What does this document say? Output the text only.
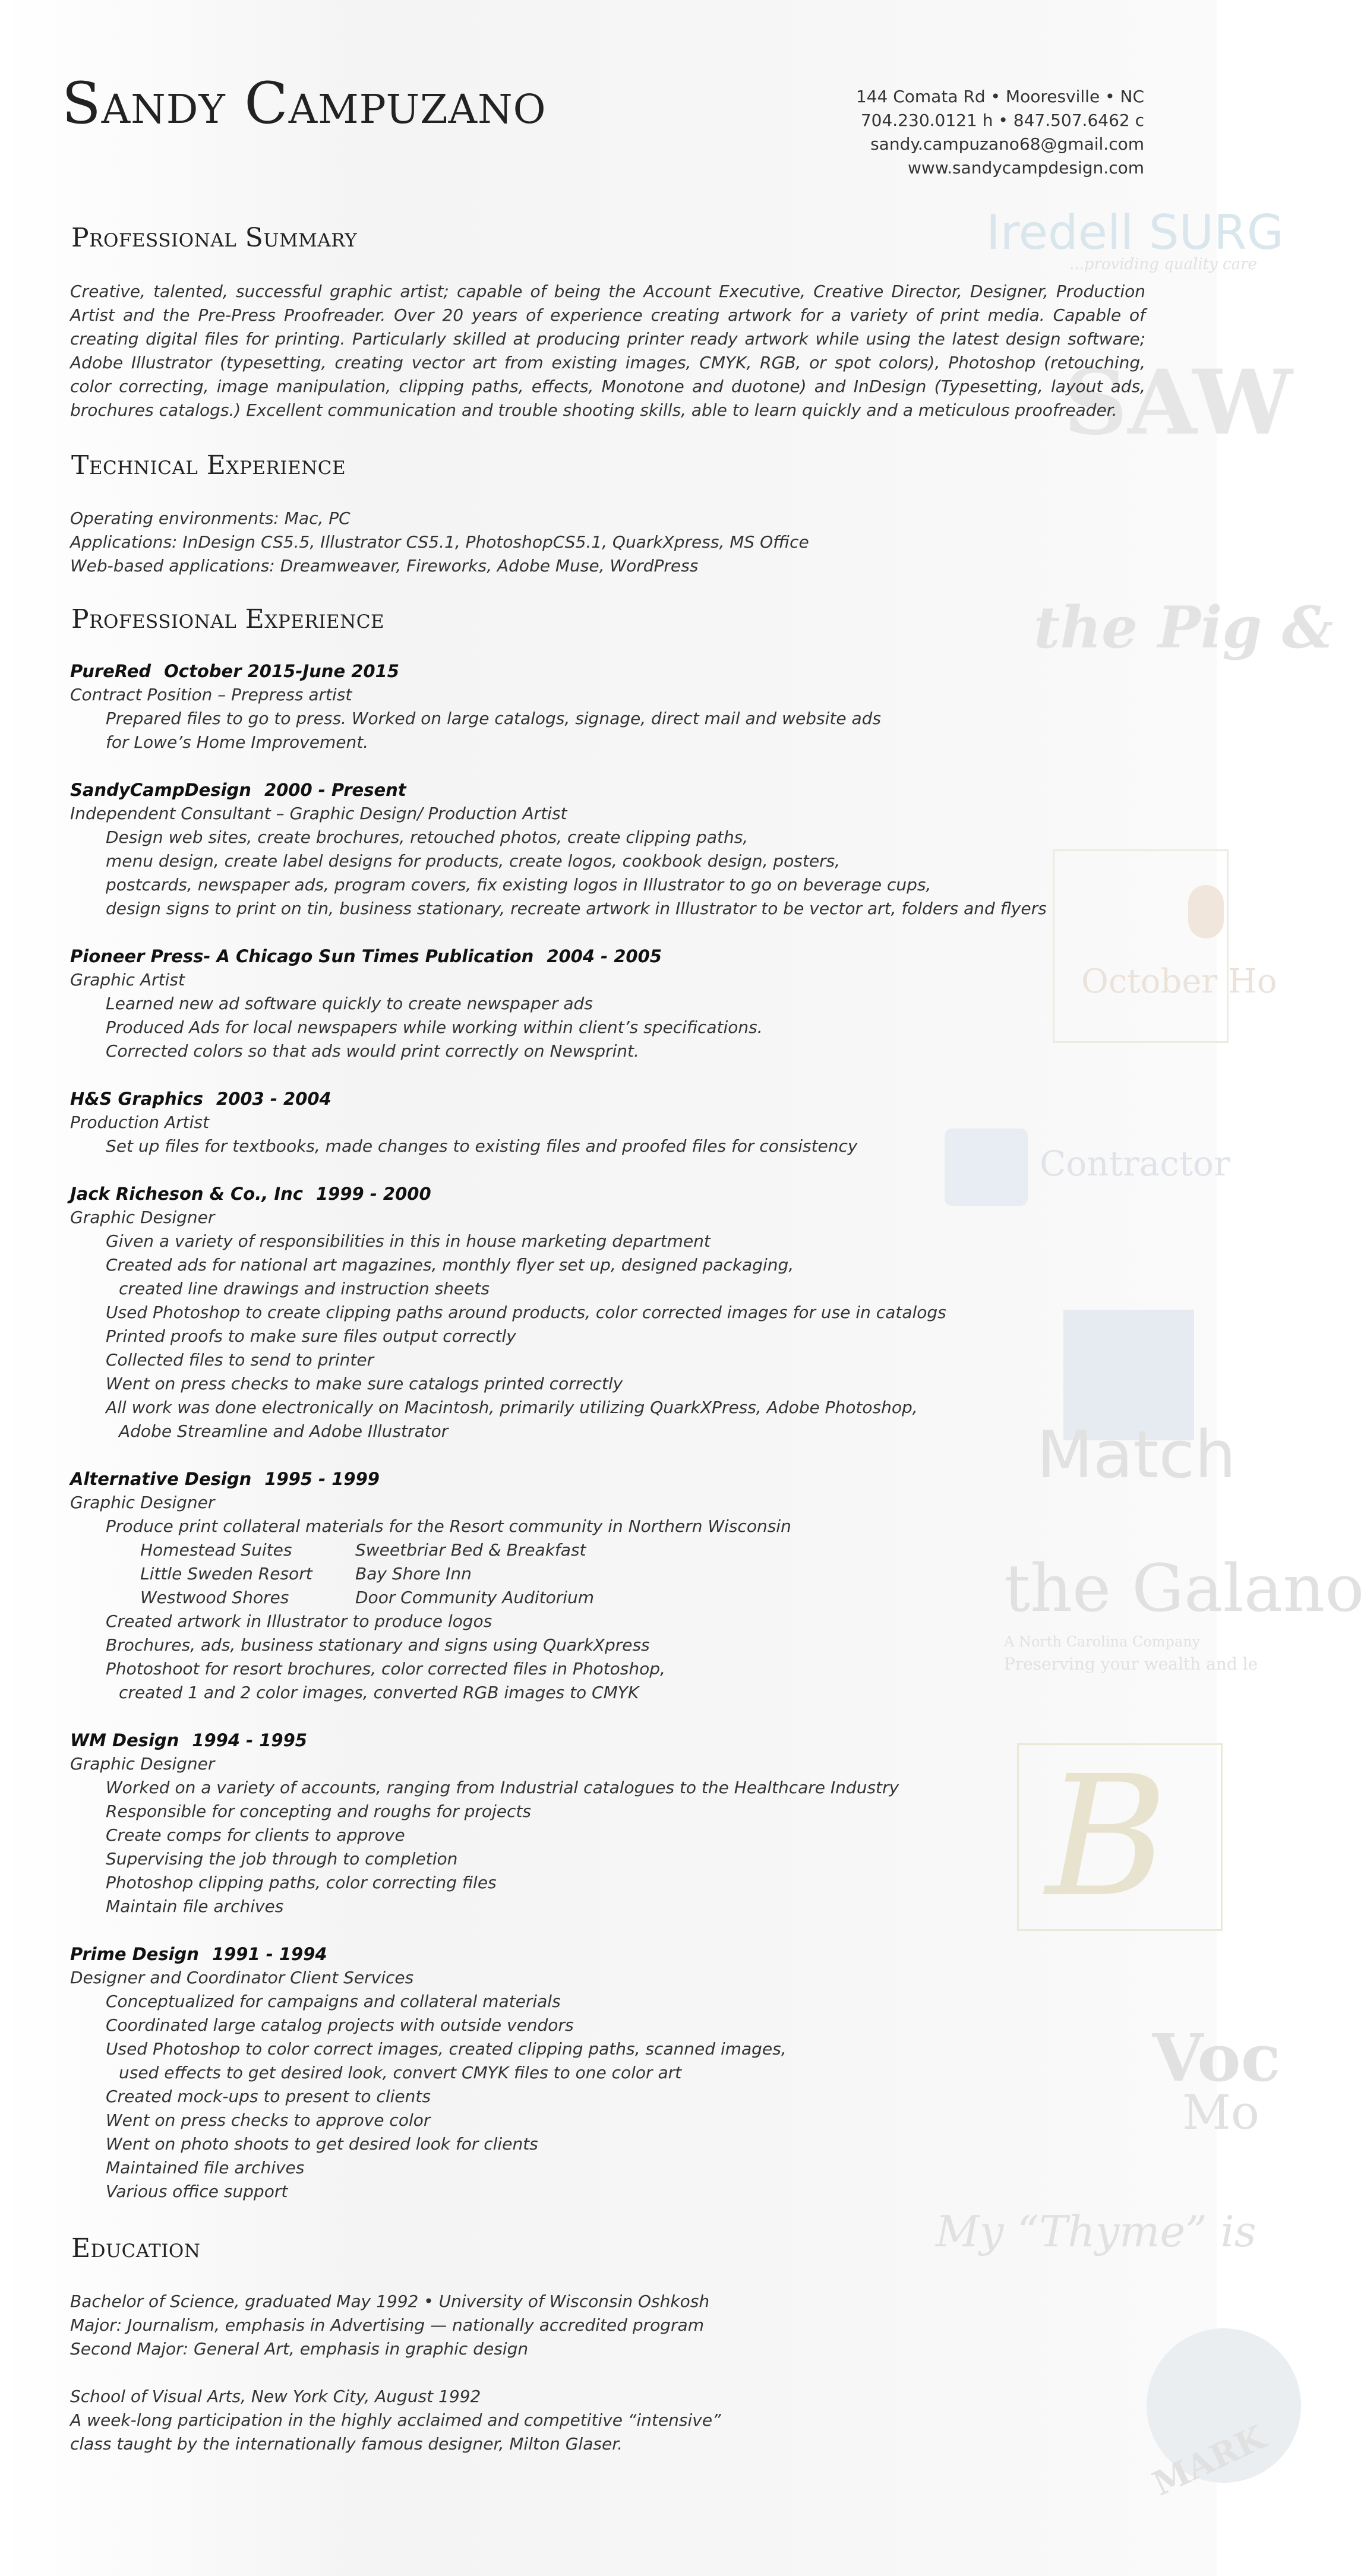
Iredell SURG
...providing quality care
SAW
the Pig &
October Ho
Contractor
Match
the Galano
A North Carolina Company
Preserving your wealth and le
B
Voc
Mo
My “Thyme” is
MARK
Sandy Campuzano	144 Comata Rd • Mooresville • NC
704.230.0121 h • 847.507.6462 c
sandy.campuzano68@gmail.com
www.sandycampdesign.com
Professional Summary
Creative, talented, successful graphic artist; capable of being the Account Executive, Creative Director, Designer, Production Artist and the Pre-Press Proofreader. Over 20 years of experience creating artwork for a variety of print media. Capable of creating digital files for printing. Particularly skilled at producing printer ready artwork while using the latest design software; Adobe Illustrator (typesetting, creating vector art from existing images, CMYK, RGB, or spot colors), Photoshop (retouching, color correcting, image manipulation, clipping paths, effects, Monotone and duotone) and InDesign (Typesetting, layout ads, brochures catalogs.) Excellent communication and trouble shooting skills, able to learn quickly and a meticulous proofreader.
Technical Experience
Operating environments: Mac, PC
Applications: InDesign CS5.5, Illustrator CS5.1, PhotoshopCS5.1, QuarkXpress, MS Office
Web-based applications: Dreamweaver, Fireworks, Adobe Muse, WordPress
Professional Experience
PureRed October 2015-June 2015
Contract Position – Prepress artist
Prepared files to go to press. Worked on large catalogs, signage, direct mail and website ads
for Lowe’s Home Improvement.
SandyCampDesign 2000 - Present
Independent Consultant – Graphic Design/ Production Artist
Design web sites, create brochures, retouched photos, create clipping paths,
menu design, create label designs for products, create logos, cookbook design, posters,
postcards, newspaper ads, program covers, fix existing logos in Illustrator to go on beverage cups,
design signs to print on tin, business stationary, recreate artwork in Illustrator to be vector art, folders and flyers
Pioneer Press- A Chicago Sun Times Publication 2004 - 2005
Graphic Artist
Learned new ad software quickly to create newspaper ads
Produced Ads for local newspapers while working within client’s specifications.
Corrected colors so that ads would print correctly on Newsprint.
H&S Graphics 2003 - 2004
Production Artist
Set up files for textbooks, made changes to existing files and proofed files for consistency
Jack Richeson & Co., Inc 1999 - 2000
Graphic Designer
Given a variety of responsibilities in this in house marketing department
Created ads for national art magazines, monthly flyer set up, designed packaging,
created line drawings and instruction sheets
Used Photoshop to create clipping paths around products, color corrected images for use in catalogs
Printed proofs to make sure files output correctly
Collected files to send to printer
Went on press checks to make sure catalogs printed correctly
All work was done electronically on Macintosh, primarily utilizing QuarkXPress, Adobe Photoshop,
Adobe Streamline and Adobe Illustrator
Alternative Design 1995 - 1999
Graphic Designer
Produce print collateral materials for the Resort community in Northern Wisconsin
Homestead Suites	Sweetbriar Bed & Breakfast
Little Sweden Resort	Bay Shore Inn
Westwood Shores	Door Community Auditorium
Created artwork in Illustrator to produce logos
Brochures, ads, business stationary and signs using QuarkXpress
Photoshoot for resort brochures, color corrected files in Photoshop,
created 1 and 2 color images, converted RGB images to CMYK
WM Design 1994 - 1995
Graphic Designer
Worked on a variety of accounts, ranging from Industrial catalogues to the Healthcare Industry
Responsible for concepting and roughs for projects
Create comps for clients to approve
Supervising the job through to completion
Photoshop clipping paths, color correcting files
Maintain file archives
Prime Design 1991 - 1994
Designer and Coordinator Client Services
Conceptualized for campaigns and collateral materials
Coordinated large catalog projects with outside vendors
Used Photoshop to color correct images, created clipping paths, scanned images,
used effects to get desired look, convert CMYK files to one color art
Created mock-ups to present to clients
Went on press checks to approve color
Went on photo shoots to get desired look for clients
Maintained file archives
Various office support
Education
Bachelor of Science, graduated May 1992 • University of Wisconsin Oshkosh
Major: Journalism, emphasis in Advertising — nationally accredited program
Second Major: General Art, emphasis in graphic design
School of Visual Arts, New York City, August 1992
A week-long participation in the highly acclaimed and competitive “intensive”
class taught by the internationally famous designer, Milton Glaser.
